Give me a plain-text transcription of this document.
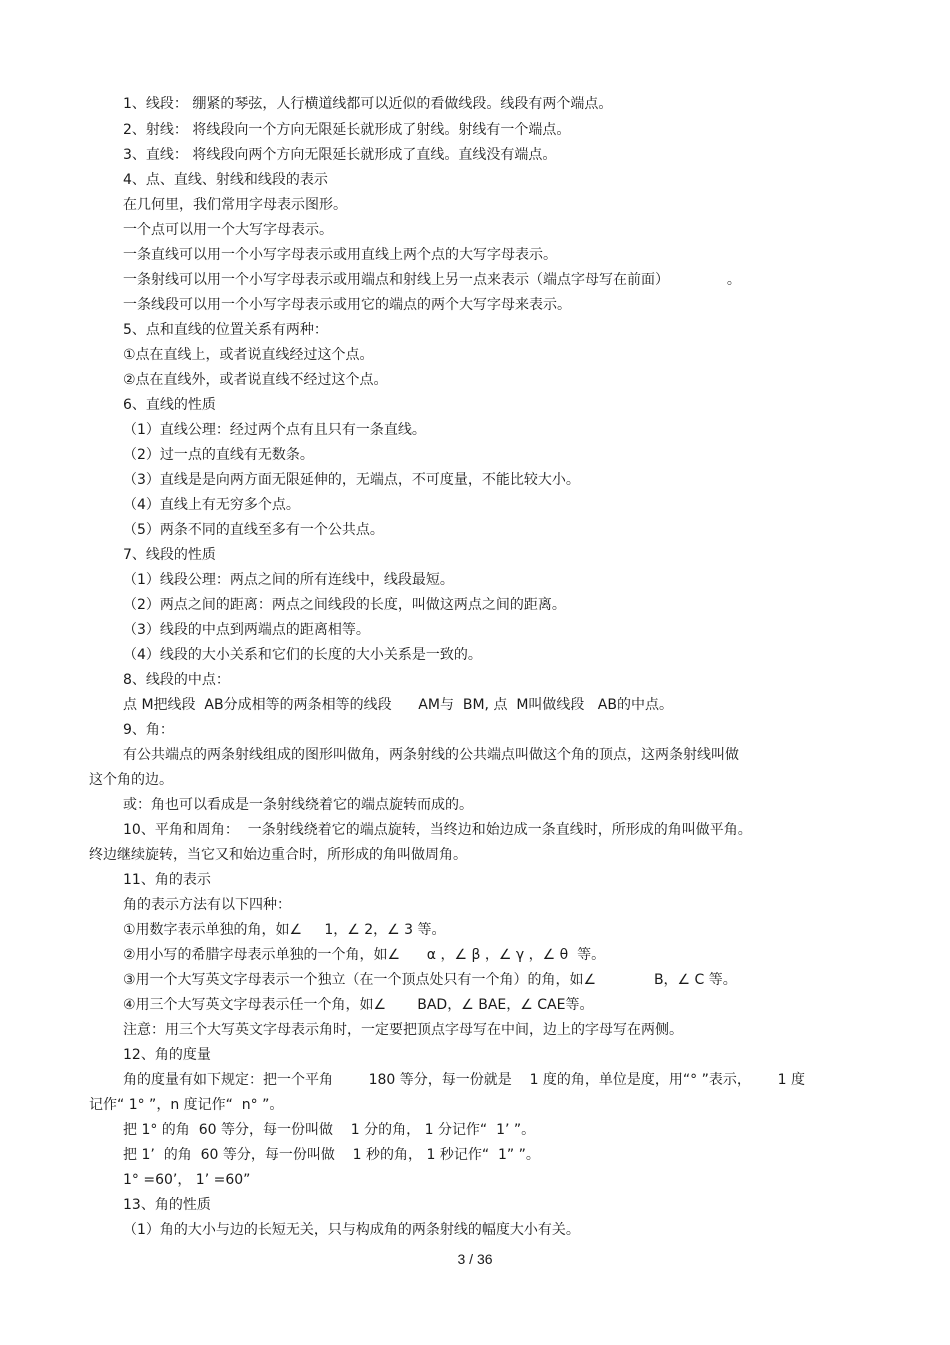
1、线段： 绷紧的琴弦，人行横道线都可以近似的看做线段。线段有两个端点。
2、射线： 将线段向一个方向无限延长就形成了射线。射线有一个端点。
3、直线： 将线段向两个方向无限延长就形成了直线。直线没有端点。
4、点、直线、射线和线段的表示
在几何里，我们常用字母表示图形。
一个点可以用一个大写字母表示。
一条直线可以用一个小写字母表示或用直线上两个点的大写字母表示。
一条射线可以用一个小写字母表示或用端点和射线上另一点来表示（端点字母写在前面）             。
一条线段可以用一个小写字母表示或用它的端点的两个大写字母来表示。
5、点和直线的位置关系有两种：
①点在直线上，或者说直线经过这个点。
②点在直线外，或者说直线不经过这个点。
6、直线的性质
（1）直线公理：经过两个点有且只有一条直线。
（2）过一点的直线有无数条。
（3）直线是是向两方面无限延伸的，无端点，不可度量，不能比较大小。
（4）直线上有无穷多个点。
（5）两条不同的直线至多有一个公共点。
7、线段的性质
（1）线段公理：两点之间的所有连线中，线段最短。
（2）两点之间的距离：两点之间线段的长度，叫做这两点之间的距离。
（3）线段的中点到两端点的距离相等。
（4）线段的大小关系和它们的长度的大小关系是一致的。
8、线段的中点：
点 M把线段  AB分成相等的两条相等的线段      AM与  BM, 点  M叫做线段   AB的中点。
9、角：
有公共端点的两条射线组成的图形叫做角，两条射线的公共端点叫做这个角的顶点，这两条射线叫做
这个角的边。
或：角也可以看成是一条射线绕着它的端点旋转而成的。
10、平角和周角：  一条射线绕着它的端点旋转，当终边和始边成一条直线时，所形成的角叫做平角。
终边继续旋转，当它又和始边重合时，所形成的角叫做周角。
11、角的表示
角的表示方法有以下四种：
①用数字表示单独的角，如∠     1，∠ 2，∠ 3 等。
②用小写的希腊字母表示单独的一个角，如∠      α ，∠ β ，∠ γ ，∠ θ  等。
③用一个大写英文字母表示一个独立（在一个顶点处只有一个角）的角，如∠             B，∠ C 等。
④用三个大写英文字母表示任一个角，如∠       BAD，∠ BAE，∠ CAE等。
注意：用三个大写英文字母表示角时，一定要把顶点字母写在中间，边上的字母写在两侧。
12、角的度量
角的度量有如下规定：把一个平角        180 等分，每一份就是    1 度的角，单位是度，用“° ”表示，      1 度
记作“ 1° ”，n 度记作“  n° ”。
把 1° 的角  60 等分，每一份叫做    1 分的角， 1 分记作“  1’ ”。
把 1’  的角  60 等分，每一份叫做    1 秒的角， 1 秒记作“  1” ”。
1° =60’， 1’ =60”
13、角的性质
（1）角的大小与边的长短无关，只与构成角的两条射线的幅度大小有关。
3 / 36
